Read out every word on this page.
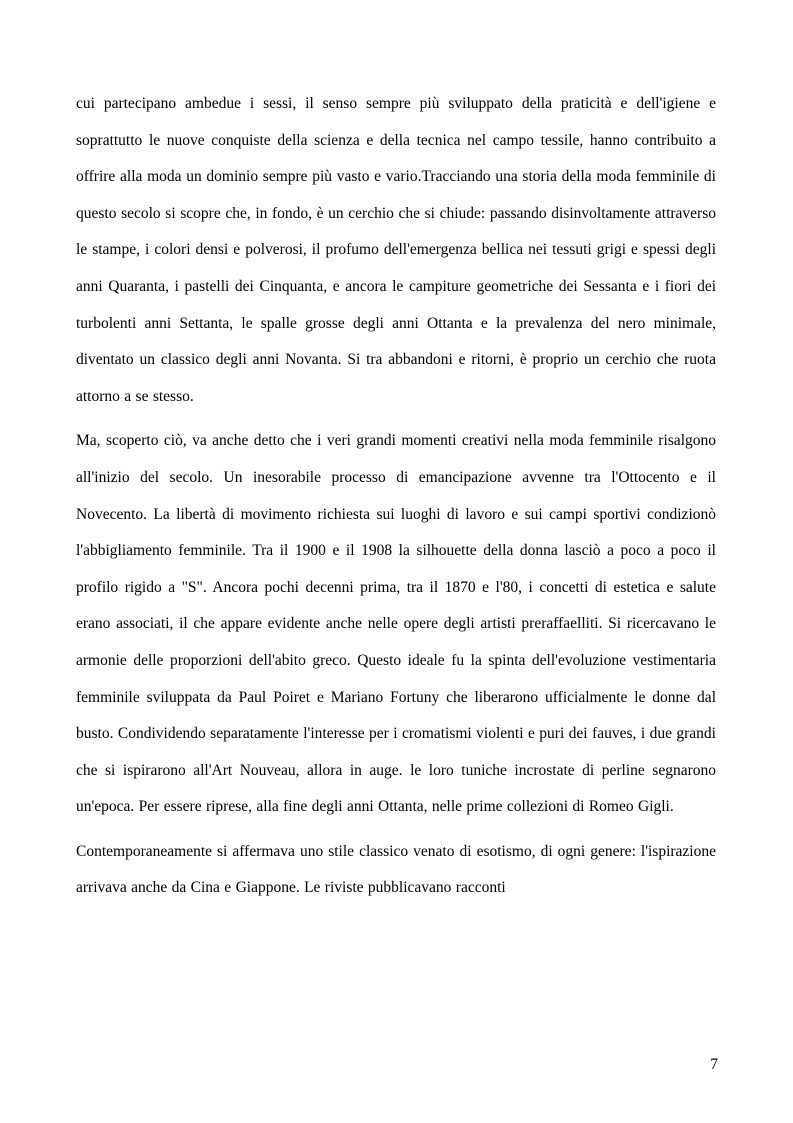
cui partecipano ambedue i sessi, il senso sempre più sviluppato della praticità e dell'igiene e soprattutto le nuove conquiste della scienza e della tecnica nel campo tessile, hanno contribuito a offrire alla moda un dominio sempre più vasto e vario.Tracciando una storia della moda femminile di questo secolo si scopre che, in fondo, è un cerchio che si chiude: passando disinvoltamente attraverso le stampe, i colori densi e polverosi, il profumo dell'emergenza bellica nei tessuti grigi e spessi degli anni Quaranta, i pastelli dei Cinquanta, e ancora le campiture geometriche dei Sessanta e i fiori dei turbolenti anni Settanta, le spalle grosse degli anni Ottanta e la prevalenza del nero minimale, diventato un classico degli anni Novanta. Si tra abbandoni e ritorni, è proprio un cerchio che ruota attorno a se stesso.

Ma, scoperto ciò, va anche detto che i veri grandi momenti creativi nella moda femminile risalgono all'inizio del secolo. Un inesorabile processo di emancipazione avvenne tra l'Ottocento e il Novecento. La libertà di movimento richiesta sui luoghi di lavoro e sui campi sportivi condizionò l'abbigliamento femminile. Tra il 1900 e il 1908 la silhouette della donna lasciò a poco a poco il profilo rigido a "S". Ancora pochi decenni prima, tra il 1870 e l'80, i concetti di estetica e salute erano associati, il che appare evidente anche nelle opere degli artisti preraffaelliti. Si ricercavano le armonie delle proporzioni dell'abito greco. Questo ideale fu la spinta dell'evoluzione vestimentaria femminile sviluppata da Paul Poiret e Mariano Fortuny che liberarono ufficialmente le donne dal busto. Condividendo separatamente l'interesse per i cromatismi violenti e puri dei fauves, i due grandi che si ispirarono all'Art Nouveau, allora in auge. le loro tuniche incrostate di perline segnarono un'epoca. Per essere riprese, alla fine degli anni Ottanta, nelle prime collezioni di Romeo Gigli.

Contemporaneamente si affermava uno stile classico venato di esotismo, di ogni genere: l'ispirazione arrivava anche da Cina e Giappone. Le riviste pubblicavano racconti

7
